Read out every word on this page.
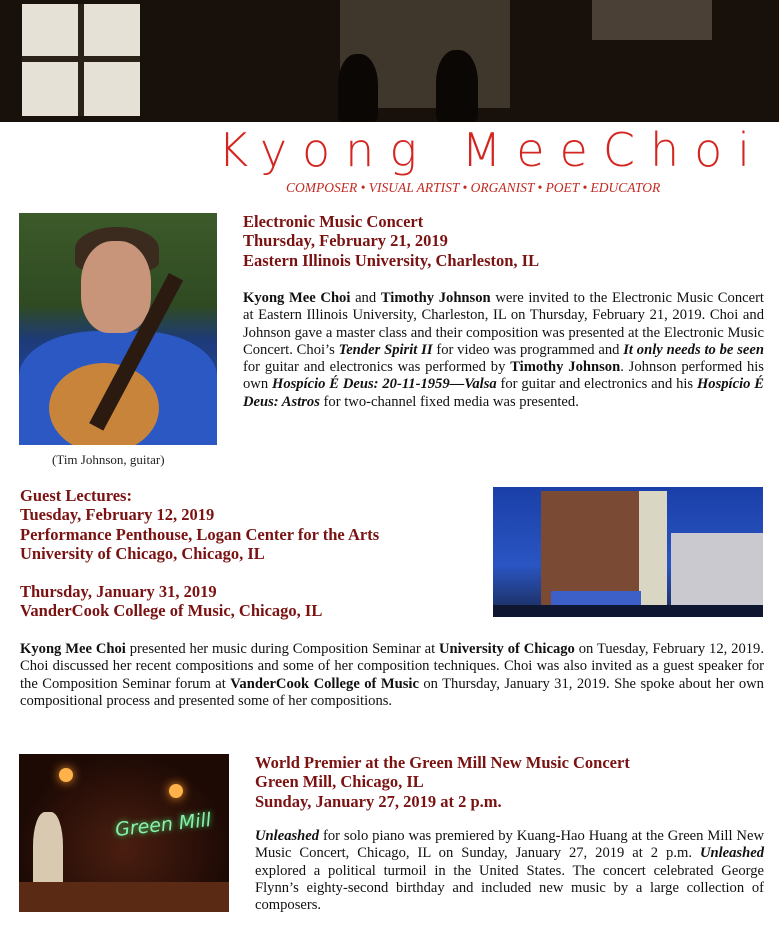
Kyong MeeChoi
COMPOSER • VISUAL ARTIST • ORGANIST • POET • EDUCATOR
(Tim Johnson, guitar)
Electronic Music Concert
Thursday, February 21, 2019
Eastern Illinois University, Charleston, IL
Kyong Mee Choi and Timothy Johnson were invited to the Electronic Music Concert at Eastern Illinois University, Charleston, IL on Thursday, February 21, 2019. Choi and Johnson gave a master class and their composition was presented at the Electronic Music Concert. Choi’s Tender Spirit II for video was programmed and It only needs to be seen for guitar and electronics was performed by Timothy Johnson. Johnson performed his own Hospício É Deus: 20-11-1959—Valsa for guitar and electronics and his Hospício É Deus: Astros for two-channel fixed media was presented.
Guest Lectures:
Tuesday, February 12, 2019
Performance Penthouse, Logan Center for the Arts
University of Chicago, Chicago, IL
Thursday, January 31, 2019
VanderCook College of Music, Chicago, IL
Kyong Mee Choi presented her music during Composition Seminar at University of Chicago on Tuesday, February 12, 2019. Choi discussed her recent compositions and some of her composition techniques. Choi was also invited as a guest speaker for the Composition Seminar forum at VanderCook College of Music on Thursday, January 31, 2019. She spoke about her own compositional process and presented some of her compositions.
Green Mill
World Premier at the Green Mill New Music Concert
Green Mill, Chicago, IL
Sunday, January 27, 2019 at 2 p.m.
Unleashed for solo piano was premiered by Kuang-Hao Huang at the Green Mill New Music Concert, Chicago, IL on Sunday, January 27, 2019 at 2 p.m. Unleashed explored a political turmoil in the United States. The concert celebrated George Flynn’s eighty-second birthday and included new music by a large collection of composers.
